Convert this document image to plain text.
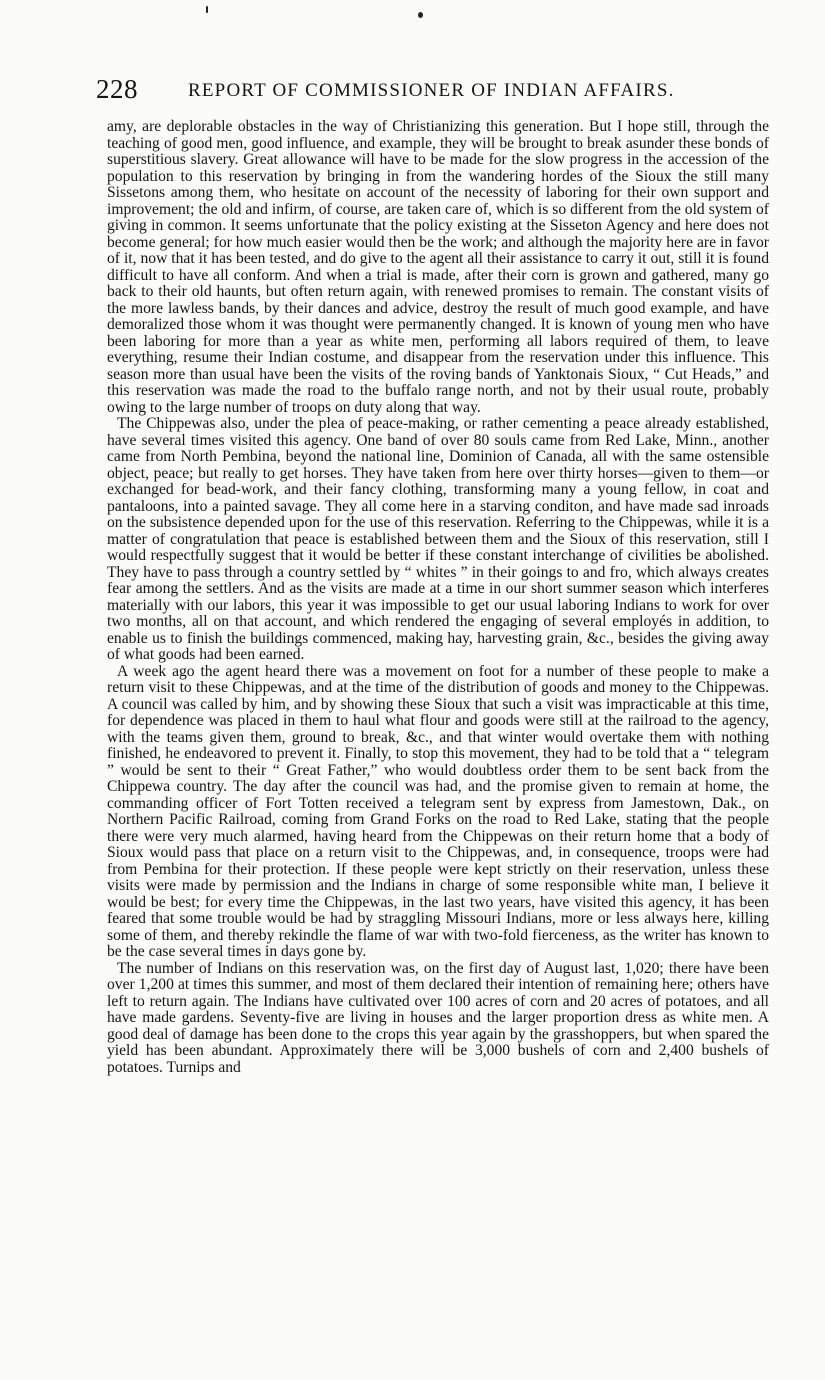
228	REPORT OF COMMISSIONER OF INDIAN AFFAIRS.

amy, are deplorable obstacles in the way of Christianizing this generation. But I hope still, through the teaching of good men, good influence, and example, they will be brought to break asunder these bonds of superstitious slavery. Great allowance will have to be made for the slow progress in the accession of the population to this reservation by bringing in from the wandering hordes of the Sioux the still many Sissetons among them, who hesitate on account of the necessity of laboring for their own support and improvement; the old and infirm, of course, are taken care of, which is so different from the old system of giving in common. It seems unfortunate that the policy existing at the Sisseton Agency and here does not become general; for how much easier would then be the work; and although the majority here are in favor of it, now that it has been tested, and do give to the agent all their assistance to carry it out, still it is found difficult to have all conform. And when a trial is made, after their corn is grown and gathered, many go back to their old haunts, but often return again, with renewed promises to remain. The constant visits of the more lawless bands, by their dances and advice, destroy the result of much good example, and have demoralized those whom it was thought were permanently changed. It is known of young men who have been laboring for more than a year as white men, performing all labors required of them, to leave everything, resume their Indian costume, and disappear from the reservation under this influence. This season more than usual have been the visits of the roving bands of Yanktonais Sioux, “ Cut Heads,” and this reservation was made the road to the buffalo range north, and not by their usual route, probably owing to the large number of troops on duty along that way.

The Chippewas also, under the plea of peace-making, or rather cementing a peace already established, have several times visited this agency. One band of over 80 souls came from Red Lake, Minn., another came from North Pembina, beyond the national line, Dominion of Canada, all with the same ostensible object, peace; but really to get horses. They have taken from here over thirty horses—given to them—or exchanged for bead-work, and their fancy clothing, transforming many a young fellow, in coat and pantaloons, into a painted savage. They all come here in a starving conditon, and have made sad inroads on the subsistence depended upon for the use of this reservation. Referring to the Chippewas, while it is a matter of congratulation that peace is established between them and the Sioux of this reservation, still I would respectfully suggest that it would be better if these constant interchange of civilities be abolished. They have to pass through a country settled by “ whites ” in their goings to and fro, which always creates fear among the settlers. And as the visits are made at a time in our short summer season which interferes materially with our labors, this year it was impossible to get our usual laboring Indians to work for over two months, all on that account, and which rendered the engaging of several employés in addition, to enable us to finish the buildings commenced, making hay, harvesting grain, &c., besides the giving away of what goods had been earned.

A week ago the agent heard there was a movement on foot for a number of these people to make a return visit to these Chippewas, and at the time of the distribution of goods and money to the Chippewas. A council was called by him, and by showing these Sioux that such a visit was impracticable at this time, for dependence was placed in them to haul what flour and goods were still at the railroad to the agency, with the teams given them, ground to break, &c., and that winter would overtake them with nothing finished, he endeavored to prevent it. Finally, to stop this movement, they had to be told that a “ telegram ” would be sent to their “ Great Father,” who would doubtless order them to be sent back from the Chippewa country. The day after the council was had, and the promise given to remain at home, the commanding officer of Fort Totten received a telegram sent by express from Jamestown, Dak., on Northern Pacific Railroad, coming from Grand Forks on the road to Red Lake, stating that the people there were very much alarmed, having heard from the Chippewas on their return home that a body of Sioux would pass that place on a return visit to the Chippewas, and, in consequence, troops were had from Pembina for their protection. If these people were kept strictly on their reservation, unless these visits were made by permission and the Indians in charge of some responsible white man, I believe it would be best; for every time the Chippewas, in the last two years, have visited this agency, it has been feared that some trouble would be had by straggling Missouri Indians, more or less always here, killing some of them, and thereby rekindle the flame of war with two-fold fierceness, as the writer has known to be the case several times in days gone by.

The number of Indians on this reservation was, on the first day of August last, 1,020; there have been over 1,200 at times this summer, and most of them declared their intention of remaining here; others have left to return again. The Indians have cultivated over 100 acres of corn and 20 acres of potatoes, and all have made gardens. Seventy-five are living in houses and the larger proportion dress as white men. A good deal of damage has been done to the crops this year again by the grasshoppers, but when spared the yield has been abundant. Approximately there will be 3,000 bushels of corn and 2,400 bushels of potatoes. Turnips and
